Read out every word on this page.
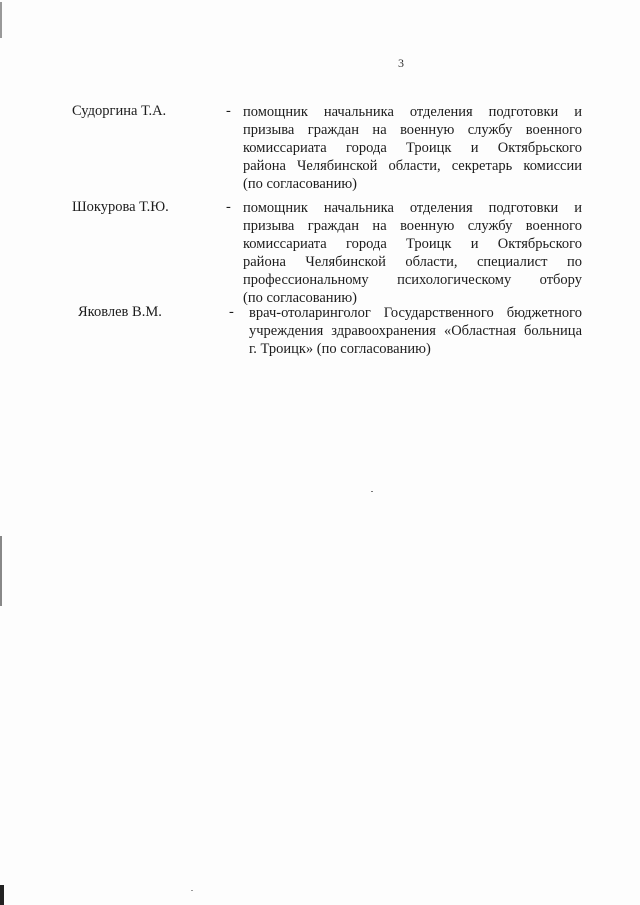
3
Судоргина Т.А.	- помощник начальника отделения подготовки и
призыва граждан на военную службу военного
комиссариата города Троицк и Октябрьского
района Челябинской области, секретарь комиссии
(по согласованию)
Шокурова Т.Ю.	- помощник начальника отделения подготовки и
призыва граждан на военную службу военного
комиссариата города Троицк и Октябрьского
района Челябинской области, специалист по
профессиональному психологическому отбору
(по согласованию)
Яковлев В.М.	- врач-отоларинголог Государственного бюджетного
учреждения здравоохранения «Областная больница
г. Троицк» (по согласованию)
